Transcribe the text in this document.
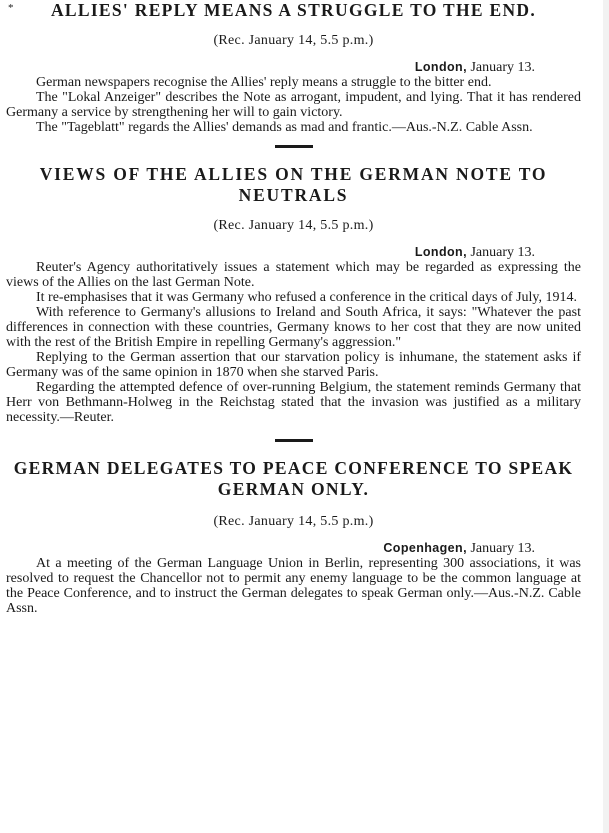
*	ALLIES' REPLY MEANS A STRUGGLE TO THE END.

(Rec. January 14, 5.5 p.m.)

London, January 13.

German newspapers recognise the Allies' reply means a struggle to the bitter end.

The "Lokal Anzeiger" describes the Note as arrogant, impudent, and lying. That it has rendered Germany a service by strengthening her will to gain victory.

The "Tageblatt" regards the Allies' demands as mad and frantic.—Aus.-N.Z. Cable Assn.

VIEWS OF THE ALLIES ON THE GERMAN NOTE TO
NEUTRALS

(Rec. January 14, 5.5 p.m.)

London, January 13.

Reuter's Agency authoritatively issues a statement which may be regarded as expressing the views of the Allies on the last German Note.

It re-emphasises that it was Germany who refused a conference in the critical days of July, 1914.

With reference to Germany's allusions to Ireland and South Africa, it says: "Whatever the past differences in connection with these countries, Germany knows to her cost that they are now united with the rest of the British Empire in repelling Germany's aggression."

Replying to the German assertion that our starvation policy is inhumane, the statement asks if Germany was of the same opinion in 1870 when she starved Paris.

Regarding the attempted defence of over-running Belgium, the statement reminds Germany that Herr von Bethmann-Holweg in the Reichstag stated that the invasion was justified as a military necessity.—Reuter.

GERMAN DELEGATES TO PEACE CONFERENCE TO SPEAK
GERMAN ONLY.

(Rec. January 14, 5.5 p.m.)

Copenhagen, January 13.

At a meeting of the German Language Union in Berlin, representing 300 associations, it was resolved to request the Chancellor not to permit any enemy language to be the common language at the Peace Conference, and to instruct the German delegates to speak German only.—Aus.-N.Z. Cable Assn.
